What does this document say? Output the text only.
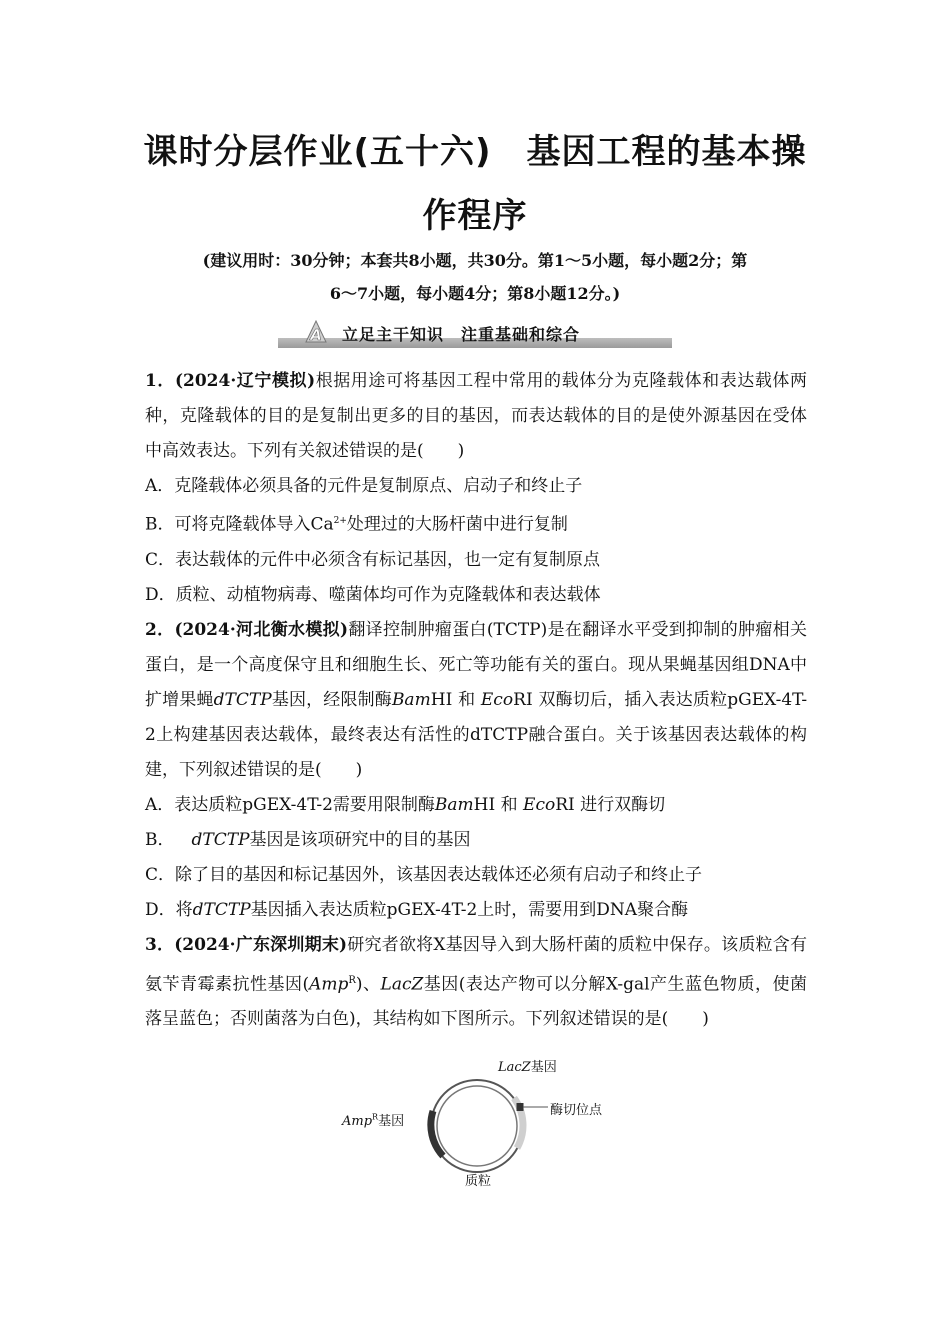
课时分层作业(五十六)　基因工程的基本操
作程序
(建议用时：30分钟；本套共8小题，共30分。第1～5小题，每小题2分；第
6～7小题，每小题4分；第8小题12分。)
A 立足主干知识　注重基础和综合

1．(2024·辽宁模拟)根据用途可将基因工程中常用的载体分为克隆载体和表达载体两种，克隆载体的目的是复制出更多的目的基因，而表达载体的目的是使外源基因在受体中高效表达。下列有关叙述错误的是(　　)

A．克隆载体必须具备的元件是复制原点、启动子和终止子

B．可将克隆载体导入$Ca^{2+}$处理过的大肠杆菌中进行复制

C．表达载体的元件中必须含有标记基因，也一定有复制原点

D．质粒、动植物病毒、噬菌体均可作为克隆载体和表达载体

2．(2024·河北衡水模拟)翻译控制肿瘤蛋白(TCTP)是在翻译水平受到抑制的肿瘤相关蛋白，是一个高度保守且和细胞生长、死亡等功能有关的蛋白。现从果蝇基因组DNA中扩增果蝇dTCTP基因，经限制酶BamHⅠ 和 EcoRⅠ 双酶切后，插入表达质粒pGEX-4T-2上构建基因表达载体，最终表达有活性的dTCTP融合蛋白。关于该基因表达载体的构建，下列叙述错误的是(　　)

A．表达质粒pGEX-4T-2需要用限制酶BamHⅠ 和 EcoRⅠ 进行双酶切

B．  dTCTP基因是该项研究中的目的基因

C．除了目的基因和标记基因外，该基因表达载体还必须有启动子和终止子

D．将dTCTP基因插入表达质粒pGEX-4T-2上时，需要用到DNA聚合酶

3．(2024·广东深圳期末)研究者欲将X基因导入到大肠杆菌的质粒中保存。该质粒含有氨苄青霉素抗性基因(Amp$^R$)、LacZ基因(表达产物可以分解X-gal产生蓝色物质，使菌落呈蓝色；否则菌落为白色)，其结构如下图所示。下列叙述错误的是(　　)

LacZ基因
酶切位点
Amp$^R$基因
质粒
